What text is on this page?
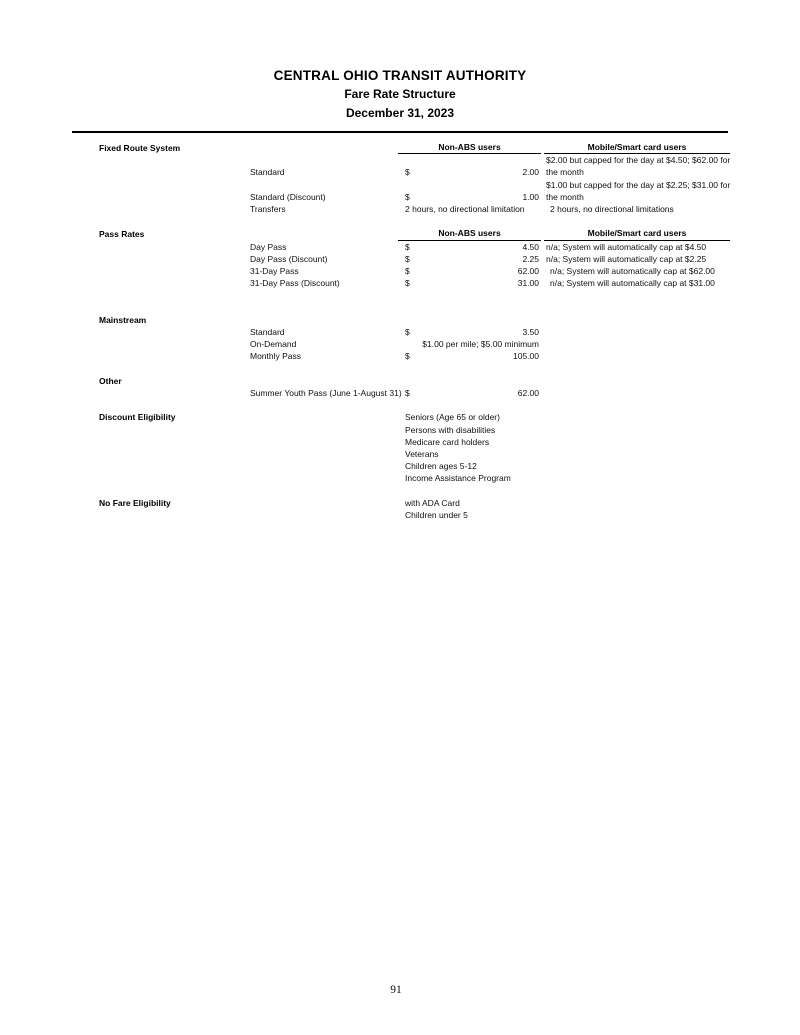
CENTRAL OHIO TRANSIT AUTHORITY
Fare Rate Structure
December 31, 2023
Fixed Route System	Non-ABS users	Mobile/Smart card users
Standard	$	2.00
$2.00 but capped for the day at $4.50; $62.00 for
the month
Standard (Discount)	$	1.00
$1.00 but capped for the day at $2.25; $31.00 for
the month
Transfers	2 hours, no directional limitation	2 hours, no directional limitations
Pass Rates	Non-ABS users	Mobile/Smart card users
Day Pass	$	4.50 n/a; System will automatically cap at $4.50
Day Pass (Discount)	$	2.25 n/a; System will automatically cap at $2.25
31-Day Pass	$	62.00	n/a; System will automatically cap at $62.00
31-Day Pass (Discount)	$	31.00	n/a; System will automatically cap at $31.00
Mainstream
Standard	$	3.50
On-Demand	$1.00 per mile; $5.00 minimum
Monthly Pass	$	105.00
Other
Summer Youth Pass (June 1-August 31) $	62.00
Discount Eligibility	Seniors (Age 65 or older)
Persons with disabilities
Medicare card holders
Veterans
Children ages 5-12
Income Assistance Program
No Fare Eligibility	with ADA Card
Children under 5
91
